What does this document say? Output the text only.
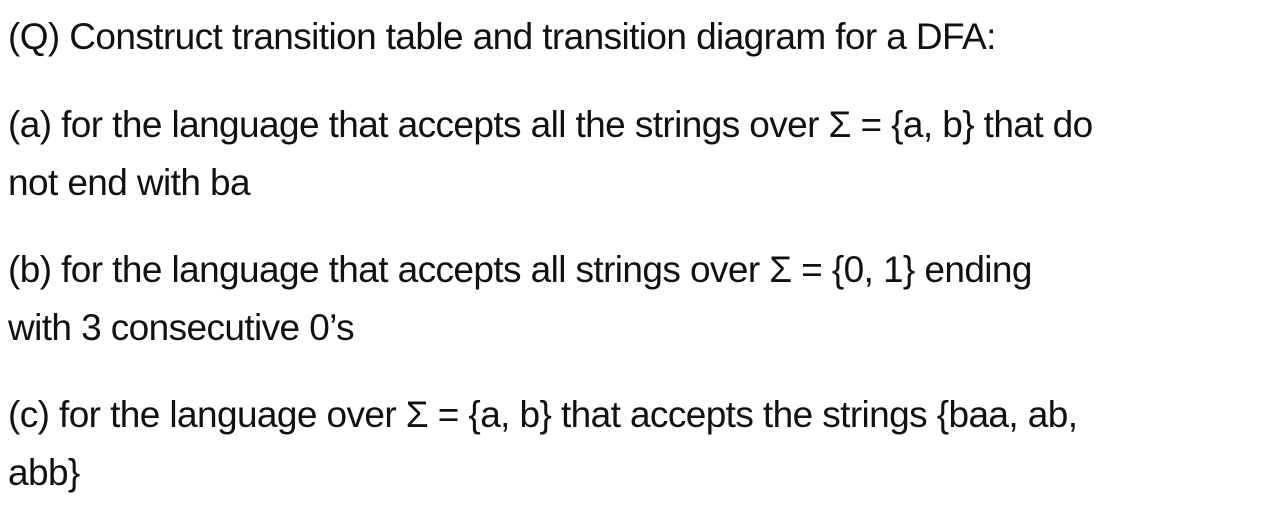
(Q) Construct transition table and transition diagram for a DFA:
(a) for the language that accepts all the strings over Σ = {a, b} that do
not end with ba
(b) for the language that accepts all strings over Σ = {0, 1} ending
with 3 consecutive 0’s
(c) for the language over Σ = {a, b} that accepts the strings {baa, ab,
abb}
